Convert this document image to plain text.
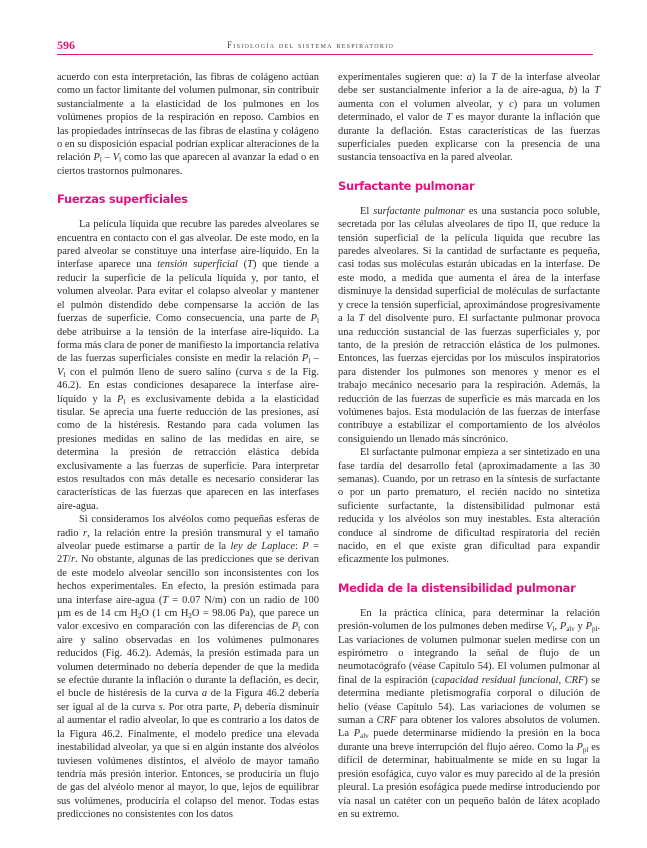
596	Fisiología del sistema respiratorio

acuerdo con esta interpretación, las fibras de colágeno actúan como un factor limitante del volumen pulmonar, sin contribuir sustancialmente a la elasticidad de los pulmones en los volúmenes propios de la respiración en reposo. Cambios en las propiedades intrínsecas de las fibras de elastina y colágeno o en su disposición espacial podrían explicar alteraciones de la relación $P_l - V_l$ como las que aparecen al avanzar la edad o en ciertos trastornos pulmonares.

Fuerzas superficiales

La película líquida que recubre las paredes alveolares se encuentra en contacto con el gas alveolar. De este modo, en la pared alveolar se constituye una interfase aire-líquido. En la interfase aparece una tensión superficial (T) que tiende a reducir la superficie de la película líquida y, por tanto, el volumen alveolar. Para evitar el colapso alveolar y mantener el pulmón distendido debe compensarse la acción de las fuerzas de superficie. Como consecuencia, una parte de $P_l$ debe atribuirse a la tensión de la interfase aire-líquido. La forma más clara de poner de manifiesto la importancia relativa de las fuerzas superficiales consiste en medir la relación $P_l - V_l$ con el pulmón lleno de suero salino (curva s de la Fig. 46.2). En estas condiciones desaparece la interfase aire-líquido y la $P_l$ es exclusivamente debida a la elasticidad tisular. Se aprecia una fuerte reducción de las presiones, así como de la histéresis. Restando para cada volumen las presiones medidas en salino de las medidas en aire, se determina la presión de retracción elástica debida exclusivamente a las fuerzas de superficie. Para interpretar estos resultados con más detalle es necesario considerar las características de las fuerzas que aparecen en las interfases aire-agua.

Si consideramos los alvéolos como pequeñas esferas de radio r, la relación entre la presión transmural y el tamaño alveolar puede estimarse a partir de la ley de Laplace: P = 2T/r. No obstante, algunas de las predicciones que se derivan de este modelo alveolar sencillo son inconsistentes con los hechos experimentales. En efecto, la presión estimada para una interfase aire-agua (T = 0.07 N/m) con un radio de 100 µm es de 14 cm $H_2O$ (1 cm $H_2O = 98.06$ Pa), que parece un valor excesivo en comparación con las diferencias de $P_l$ con aire y salino observadas en los volúmenes pulmonares reducidos (Fig. 46.2). Además, la presión estimada para un volumen determinado no debería depender de que la medida se efectúe durante la inflación o durante la deflación, es decir, el bucle de histéresis de la curva a de la Figura 46.2 debería ser igual al de la curva s. Por otra parte, $P_l$ debería disminuir al aumentar el radio alveolar, lo que es contrario a los datos de la Figura 46.2. Finalmente, el modelo predice una elevada inestabilidad alveolar, ya que si en algún instante dos alvéolos tuviesen volúmenes distintos, el alvéolo de mayor tamaño tendría más presión interior. Entonces, se produciría un flujo de gas del alvéolo menor al mayor, lo que, lejos de equilibrar sus volúmenes, produciría el colapso del menor. Todas estas predicciones no consistentes con los datos

experimentales sugieren que: a) la T de la interfase alveolar debe ser sustancialmente inferior a la de aire-agua, b) la T aumenta con el volumen alveolar, y c) para un volumen determinado, el valor de T es mayor durante la inflación que durante la deflación. Estas características de las fuerzas superficiales pueden explicarse con la presencia de una sustancia tensoactiva en la pared alveolar.

Surfactante pulmonar

El surfactante pulmonar es una sustancia poco soluble, secretada por las células alveolares de tipo II, que reduce la tensión superficial de la película líquida que recubre las paredes alveolares. Si la cantidad de surfactante es pequeña, casi todas sus moléculas estarán ubicadas en la interfase. De este modo, a medida que aumenta el área de la interfase disminuye la densidad superficial de moléculas de surfactante y crece la tensión superficial, aproximándose progresivamente a la T del disolvente puro. El surfactante pulmonar provoca una reducción sustancial de las fuerzas superficiales y, por tanto, de la presión de retracción elástica de los pulmones. Entonces, las fuerzas ejercidas por los músculos inspiratorios para distender los pulmones son menores y menor es el trabajo mecánico necesario para la respiración. Además, la reducción de las fuerzas de superficie es más marcada en los volúmenes bajos. Esta modulación de las fuerzas de interfase contribuye a estabilizar el comportamiento de los alvéolos consiguiendo un llenado más sincrónico.

El surfactante pulmonar empieza a ser sintetizado en una fase tardía del desarrollo fetal (aproximadamente a las 30 semanas). Cuando, por un retraso en la síntesis de surfactante o por un parto prematuro, el recién nacido no sintetiza suficiente surfactante, la distensibilidad pulmonar está reducida y los alvéolos son muy inestables. Esta alteración conduce al síndrome de dificultad respiratoria del recién nacido, en el que existe gran dificultad para expandir eficazmente los pulmones.

Medida de la distensibilidad pulmonar

En la práctica clínica, para determinar la relación presión-volumen de los pulmones deben medirse $V_l$, $P_{alv}$ y $P_{pl}$. Las variaciones de volumen pulmonar suelen medirse con un espirómetro o integrando la señal de flujo de un neumotacógrafo (véase Capítulo 54). El volumen pulmonar al final de la espiración (capacidad residual funcional, CRF) se determina mediante pletismografía corporal o dilución de helio (véase Capítulo 54). Las variaciones de volumen se suman a CRF para obtener los valores absolutos de volumen. La $P_{alv}$ puede determinarse midiendo la presión en la boca durante una breve interrupción del flujo aéreo. Como la $P_{pl}$ es difícil de determinar, habitualmente se mide en su lugar la presión esofágica, cuyo valor es muy parecido al de la presión pleural. La presión esofágica puede medirse introduciendo por vía nasal un catéter con un pequeño balón de látex acoplado en su extremo.
